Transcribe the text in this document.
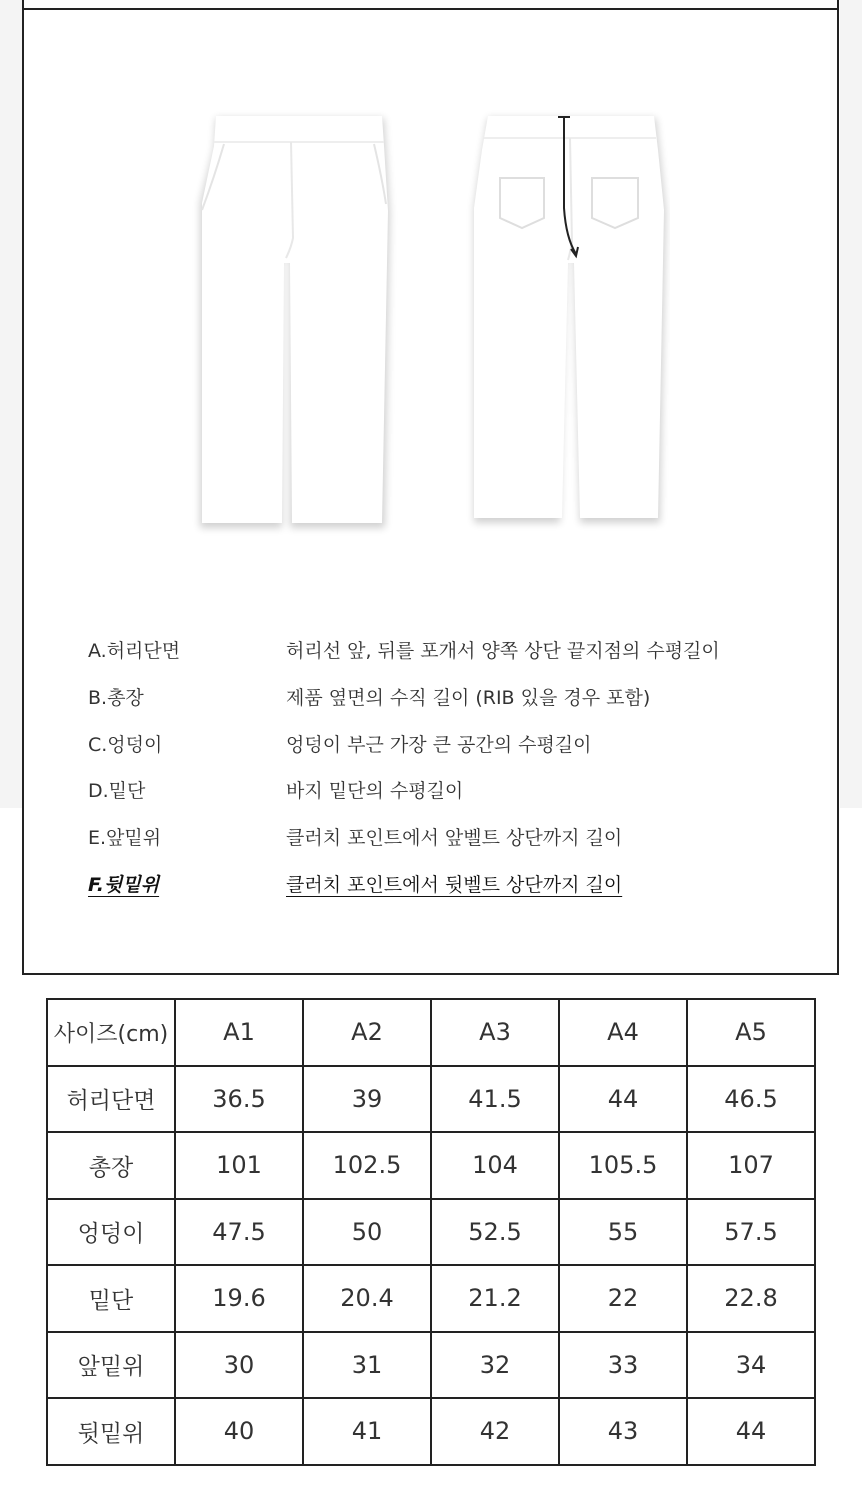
A.허리단면	허리선 앞, 뒤를 포개서 양쪽 상단 끝지점의 수평길이
B.총장	제품 옆면의 수직 길이 (RIB 있을 경우 포함)
C.엉덩이	엉덩이 부근 가장 큰 공간의 수평길이
D.밑단	바지 밑단의 수평길이
E.앞밑위	클러치 포인트에서 앞벨트 상단까지 길이
F.뒷밑위	클러치 포인트에서 뒷벨트 상단까지 길이
사이즈(cm)	A1	A2	A3	A4	A5
허리단면	36.5	39	41.5	44	46.5
총장	101	102.5	104	105.5	107
엉덩이	47.5	50	52.5	55	57.5
밑단	19.6	20.4	21.2	22	22.8
앞밑위	30	31	32	33	34
뒷밑위	40	41	42	43	44
